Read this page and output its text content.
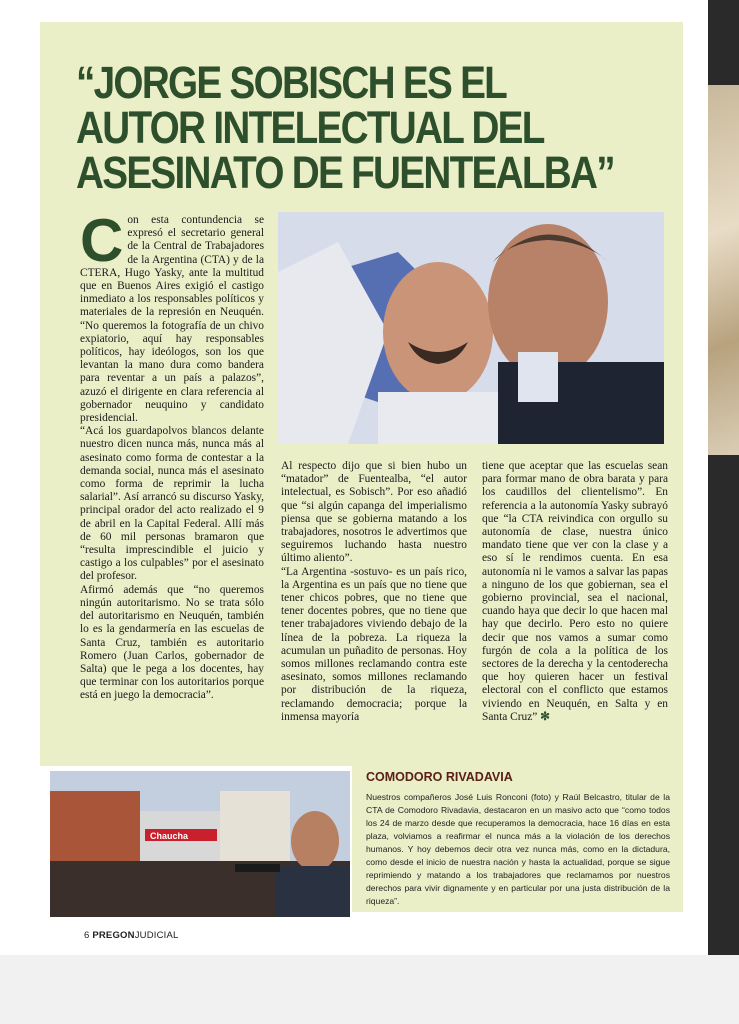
“JORGE SOBISCH ES EL
AUTOR INTELECTUAL DEL
ASESINATO DE FUENTEALBA”
C on esta contundencia se expresó el secretario general de la Central de Trabajadores de la Argentina (CTA) y de la CTERA, Hugo Yasky, ante la multitud que en Buenos Aires exigió el castigo inmediato a los responsables políticos y materiales de la represión en Neuquén. “No queremos la fotografía de un chivo expiatorio, aquí hay responsables políticos, hay ideólogos, son los que levantan la mano dura como bandera para reventar a un país a palazos”, azuzó el dirigente en clara referencia al gobernador neuquino y candidato presidencial.

“Acá los guardapolvos blancos delante nuestro dicen nunca más, nunca más al asesinato como forma de contestar a la demanda social, nunca más el asesinato como forma de reprimir la lucha salarial”. Así arrancó su discurso Yasky, principal orador del acto realizado el 9 de abril en la Capital Federal. Allí más de 60 mil personas bramaron que “resulta imprescindible el juicio y castigo a los culpables” por el asesinato del profesor.

Afirmó además que “no queremos ningún autoritarismo. No se trata sólo del autoritarismo en Neuquén, también lo es la gendarmería en las escuelas de Santa Cruz, también es autoritario Romero (Juan Carlos, gobernador de Salta) que le pega a los docentes, hay que terminar con los autoritarios porque está en juego la democracia”.

Al respecto dijo que si bien hubo un “matador” de Fuentealba, “el autor intelectual, es Sobisch”. Por eso añadió que “si algún capanga del imperialismo piensa que se gobierna matando a los trabajadores, nosotros le advertimos que seguiremos luchando hasta nuestro último aliento”.

“La Argentina -sostuvo- es un país rico, la Argentina es un país que no tiene que tener chicos pobres, que no tiene que tener docentes pobres, que no tiene que tener trabajadores viviendo debajo de la línea de la pobreza. La riqueza la acumulan un puñadito de personas. Hoy somos millones reclamando contra este asesinato, somos millones reclamando por distribución de la riqueza, reclamando democracia; porque la inmensa mayoría

tiene que aceptar que las escuelas sean para formar mano de obra barata y para los caudillos del clientelismo”. En referencia a la autonomía Yasky subrayó que “la CTA reivindica con orgullo su autonomía de clase, nuestra único mandato tiene que ver con la clase y a eso sí le rendimos cuenta. En esa autonomía ni le vamos a salvar las papas a ninguno de los que gobiernan, sea el gobierno provincial, sea el nacional, cuando haya que decir lo que hacen mal hay que decirlo. Pero esto no quiere decir que nos vamos a sumar como furgón de cola a la política de los sectores de la derecha y la centoderecha que hoy quieren hacer un festival electoral con el conflicto que estamos viviendo en Neuquén, en Salta y en Santa Cruz” ✻

Chaucha
COMODORO RIVADAVIA

Nuestros compañeros José Luis Ronconi (foto) y Raúl Belcastro, titular de la CTA de Comodoro Rivadavia, destacaron en un masivo acto que “como todos los 24 de marzo desde que recuperamos la democracia, hace 16 días en esta plaza, volviamos a reafirmar el nunca más a la violación de los derechos humanos. Y hoy debemos decir otra vez nunca más, como en la dictadura, como desde el inicio de nuestra nación y hasta la actualidad, porque se sigue reprimiendo y matando a los trabajadores que reclamamos por nuestros derechos para vivir dignamente y en particular por una justa distribución de la riqueza”.

6 PREGONJUDICIAL
